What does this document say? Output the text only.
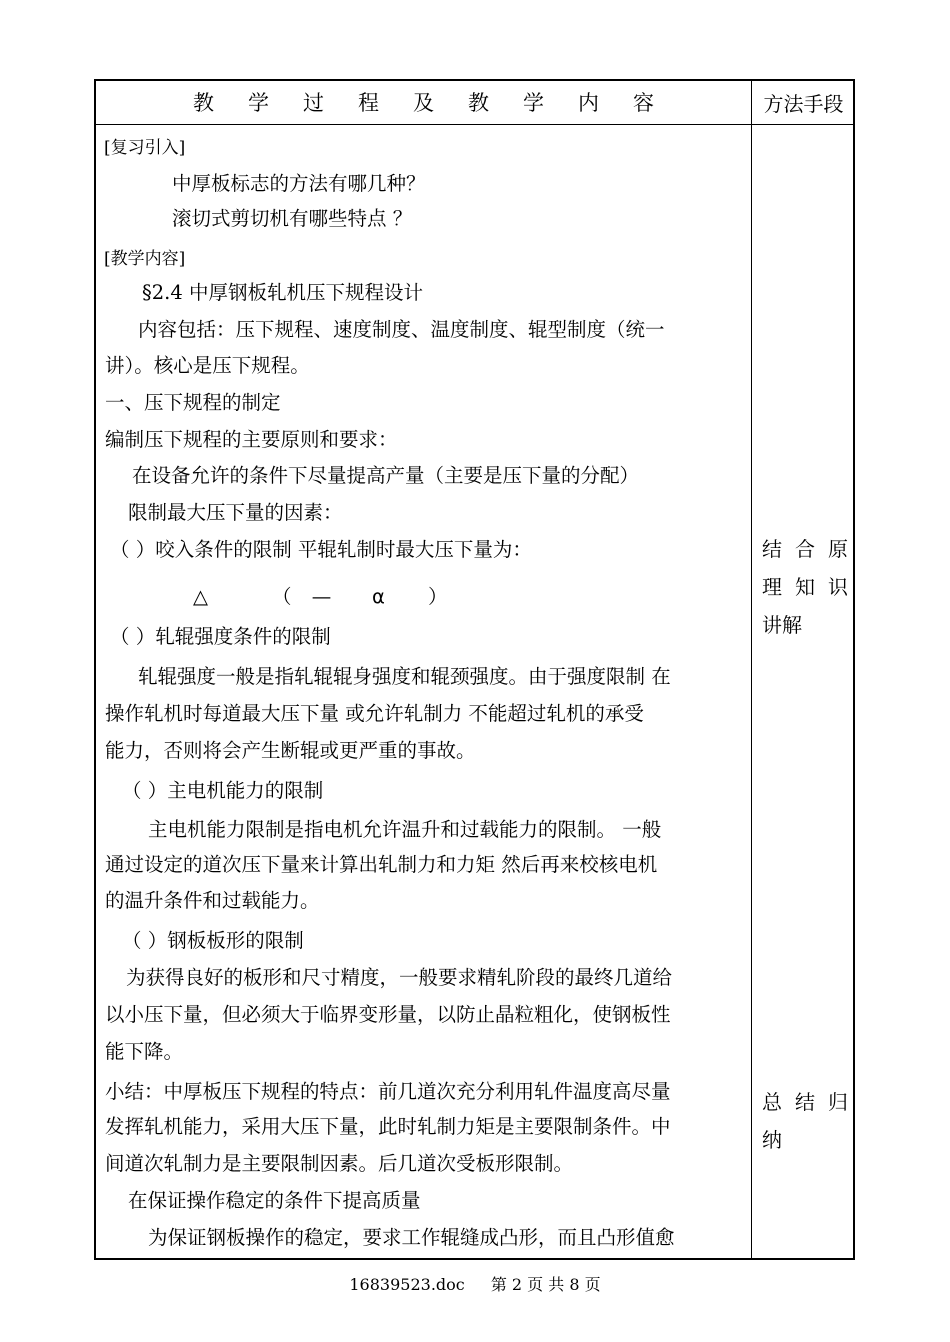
教 学 过 程 及 教 学 内 容	方法手段
[复习引入]
中厚板标志的方法有哪几种？
滚切式剪切机有哪些特点 ？
[教学内容]
§2.4 中厚钢板轧机压下规程设计
内容包括：压下规程、速度制度、温度制度、辊型制度（统一
讲）。核心是压下规程。
一、压下规程的制定
编制压下规程的主要原则和要求：
在设备允许的条件下尽量提高产量（主要是压下量的分配）
限制最大压下量的因素：
（ ）咬入条件的限制 平辊轧制时最大压下量为：
△	（ — α ）
（ ）轧辊强度条件的限制
轧辊强度一般是指轧辊辊身强度和辊颈强度。由于强度限制 在
操作轧机时每道最大压下量 或允许轧制力 不能超过轧机的承受
能力，否则将会产生断辊或更严重的事故。
（ ）主电机能力的限制
主电机能力限制是指电机允许温升和过载能力的限制。 一般
通过设定的道次压下量来计算出轧制力和力矩 然后再来校核电机
的温升条件和过载能力。
（ ）钢板板形的限制
为获得良好的板形和尺寸精度，一般要求精轧阶段的最终几道给
以小压下量，但必须大于临界变形量，以防止晶粒粗化，使钢板性
能下降。
小结：中厚板压下规程的特点：前几道次充分利用轧件温度高尽量
发挥轧机能力，采用大压下量，此时轧制力矩是主要限制条件。中
间道次轧制力是主要限制因素。后几道次受板形限制。
在保证操作稳定的条件下提高质量
为保证钢板操作的稳定，要求工作辊缝成凸形，而且凸形值愈
结 合 原
理 知 识
讲解
总 结 归
纳
16839523.doc 第 2 页 共 8 页
